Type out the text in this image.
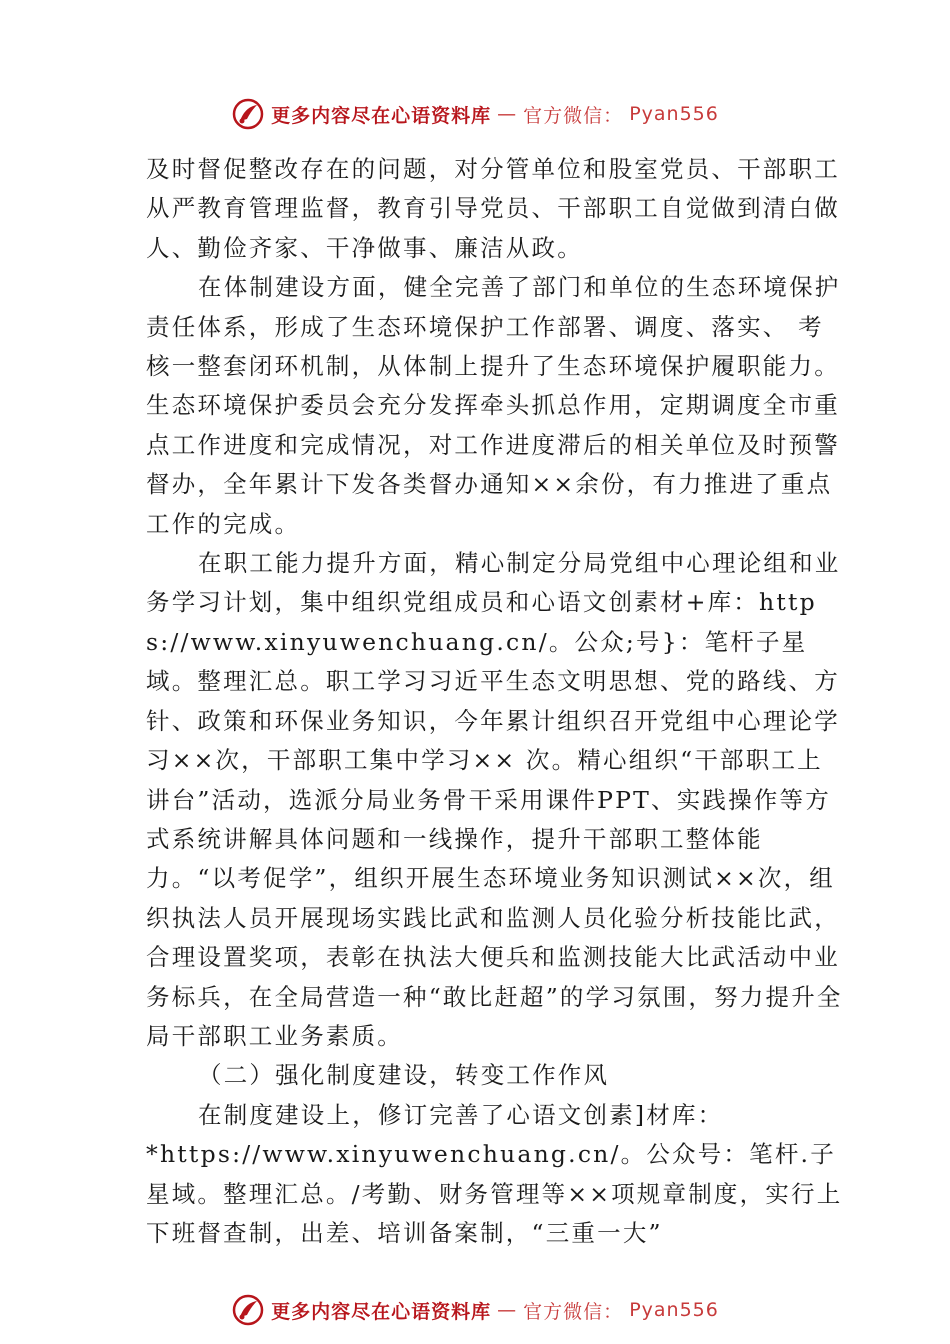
更多内容尽在心语资料库 — 官方微信： Pyan556

及时督促整改存在的问题，对分管单位和股室党员、干部职工从严教育管理监督，教育引导党员、干部职工自觉做到清白做人、勤俭齐家、干净做事、廉洁从政。

在体制建设方面，健全完善了部门和单位的生态环境保护责任体系，形成了生态环境保护工作部署、调度、落实、 考核一整套闭环机制，从体制上提升了生态环境保护履职能力。生态环境保护委员会充分发挥牵头抓总作用，定期调度全市重点工作进度和完成情况，对工作进度滞后的相关单位及时预警督办，全年累计下发各类督办通知××余份，有力推进了重点工作的完成。

在职工能力提升方面，精心制定分局党组中心理论组和业务学习计划，集中组织党组成员和心语文创素材+库：https://www.xinyuwenchuang.cn/。公众;号}：笔杆子星域。整理汇总。职工学习习近平生态文明思想、党的路线、方针、政策和环保业务知识，今年累计组织召开党组中心理论学习××次，干部职工集中学习×× 次。精心组织“干部职工上讲台”活动，选派分局业务骨干采用课件PPT、实践操作等方式系统讲解具体问题和一线操作，提升干部职工整体能力。“以考促学”，组织开展生态环境业务知识测试××次，组织执法人员开展现场实践比武和监测人员化验分析技能比武，合理设置奖项，表彰在执法大便兵和监测技能大比武活动中业务标兵，在全局营造一种“敢比赶超”的学习氛围，努力提升全局干部职工业务素质。

（二）强化制度建设，转变工作作风

在制度建设上，修订完善了心语文创素]材库：

*https://www.xinyuwenchuang.cn/。公众号：笔杆.子星域。整理汇总。/考勤、财务管理等××项规章制度，实行上下班督查制，出差、培训备案制，“三重一大”

更多内容尽在心语资料库 — 官方微信： Pyan556
